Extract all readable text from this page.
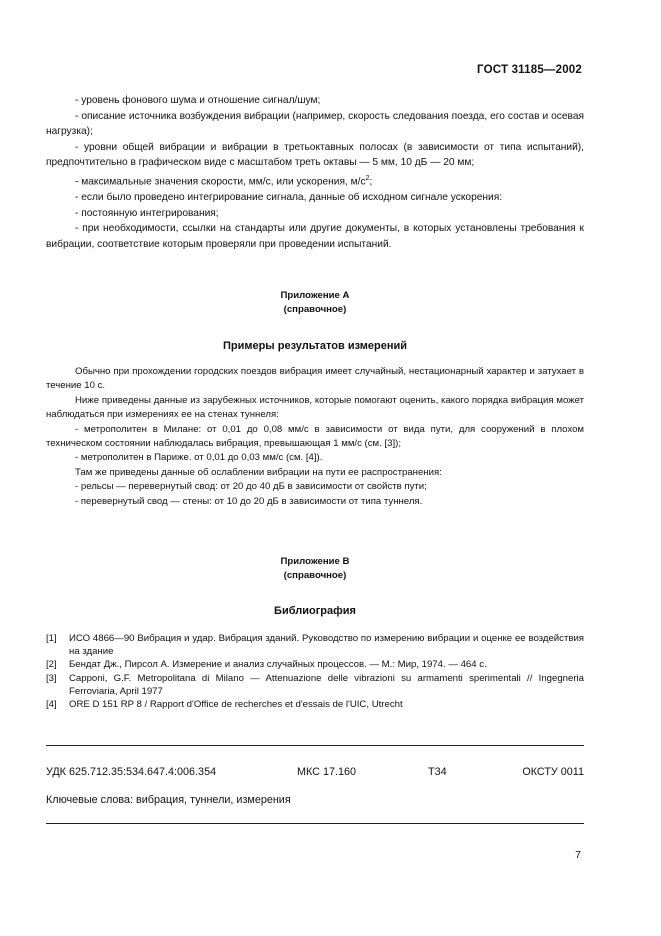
ГОСТ 31185—2002

- уровень фонового шума и отношение сигнал/шум;

- описание источника возбуждения вибрации (например, скорость следования поезда, его состав и осевая нагрузка);

- уровни общей вибрации и вибрации в третьоктавных полосах (в зависимости от типа испытаний), предпочтительно в графическом виде с масштабом треть октавы — 5 мм, 10 дБ — 20 мм;

- максимальные значения скорости, мм/с, или ускорения, $м/с^2$;

- если было проведено интегрирование сигнала, данные об исходном сигнале ускорения:

- постоянную интегрирования;

- при необходимости, ссылки на стандарты или другие документы, в которых установлены требования к вибрации, соответствие которым проверяли при проведении испытаний.

Приложение А
(справочное)
Примеры результатов измерений

Обычно при прохождении городских поездов вибрация имеет случайный, нестационарный характер и затухает в течение 10 с.

Ниже приведены данные из зарубежных источников, которые помогают оценить, какого порядка вибрация может наблюдаться при измерениях ее на стенах туннеля:

- метрополитен в Милане: от 0,01 до 0,08 мм/с в зависимости от вида пути, для сооружений в плохом техническом состоянии наблюдалась вибрация, превышающая 1 мм/с (см. [3]);

- метрополитен в Париже. от 0,01 до 0,03 мм/с (см. [4]).

Там же приведены данные об ослаблении вибрации на пути ее распространения:

- рельсы — перевернутый свод: от 20 до 40 дБ в зависимости от свойств пути;

- перевернутый свод — стены: от 10 до 20 дБ в зависимости от типа туннеля.

Приложение В
(справочное)
Библиография
[1]	ИСО 4866—90 Вибрация и удар. Вибрация зданий. Руководство по измерению вибрации и оценке ее воздействия на здание
[2]	Бендат Дж., Пирсол А. Измерение и анализ случайных процессов. — М.: Мир, 1974. — 464 с.
[3]	Capponi, G.F. Metropolitana di Milano — Attenuazione delle vibrazioni su armamenti sperimentali // Ingegneria Ferroviaria, April 1977
[4]	ORE D 151 RP 8 / Rapport d'Office de recherches et d'essais de l'UIC, Utrecht
УДК 625.712.35:534.647.4:006.354	МКС 17.160	Т34	ОКСТУ 0011
Ключевые слова: вибрация, туннели, измерения
7
